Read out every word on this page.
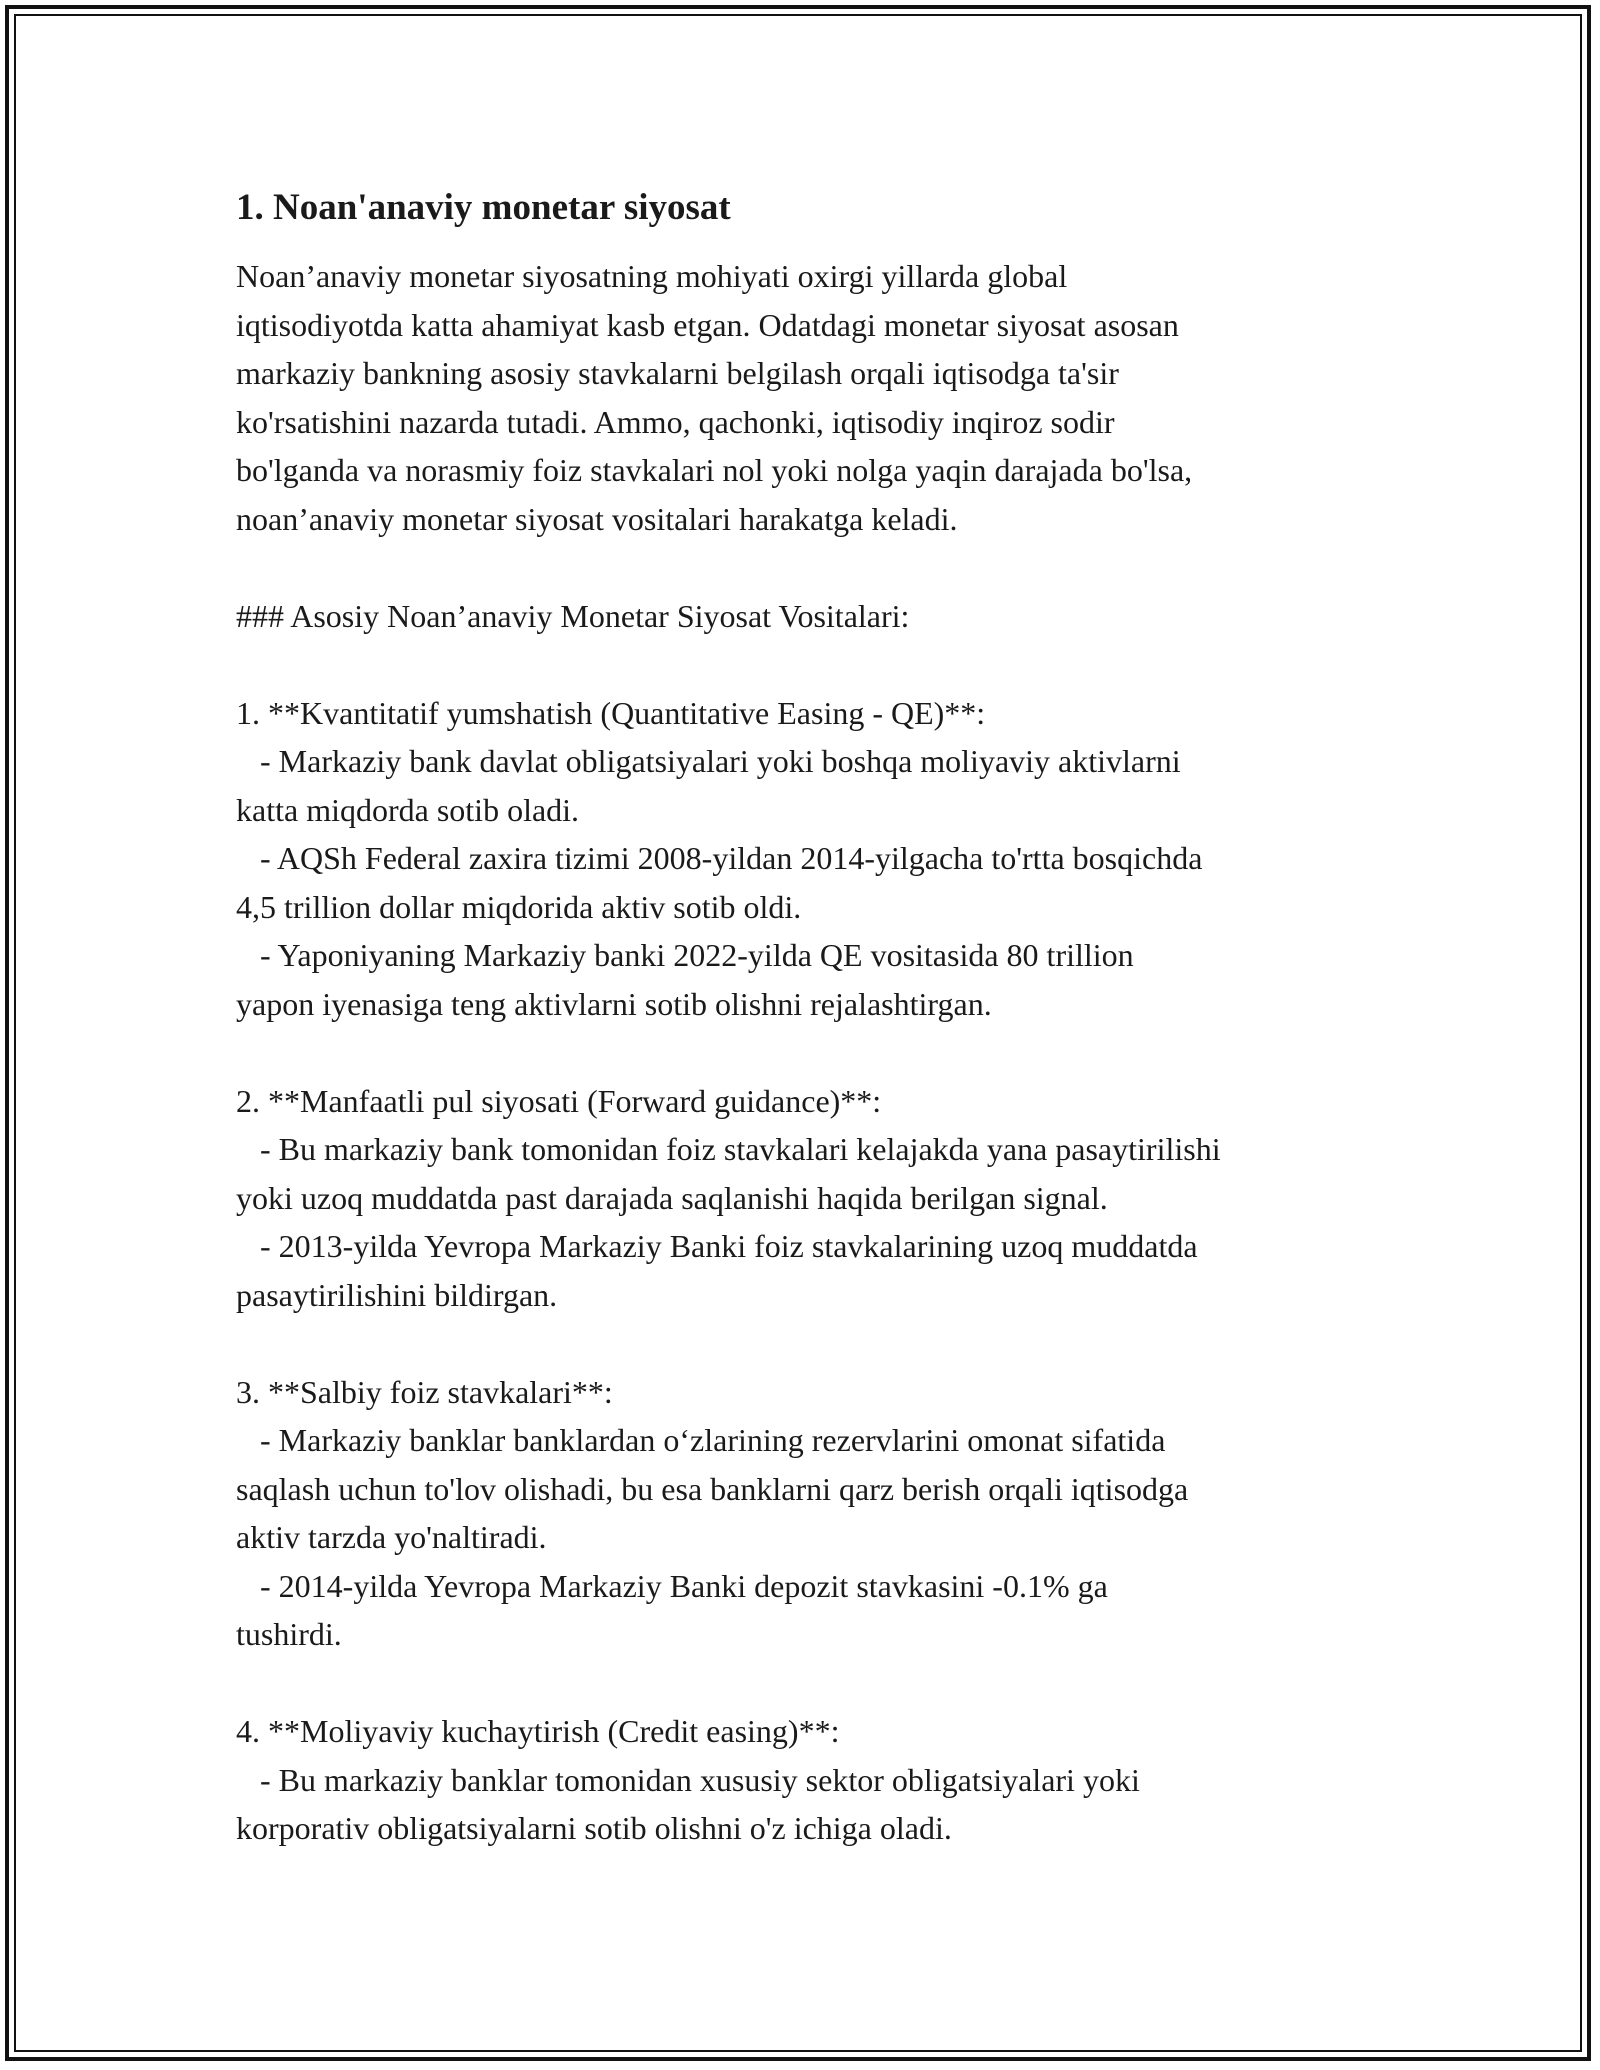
1. Noan'anaviy monetar siyosat

Noan’anaviy monetar siyosatning mohiyati oxirgi yillarda global
iqtisodiyotda katta ahamiyat kasb etgan. Odatdagi monetar siyosat asosan
markaziy bankning asosiy stavkalarni belgilash orqali iqtisodga ta'sir
ko'rsatishini nazarda tutadi. Ammo, qachonki, iqtisodiy inqiroz sodir
bo'lganda va norasmiy foiz stavkalari nol yoki nolga yaqin darajada bo'lsa,
noan’anaviy monetar siyosat vositalari harakatga keladi.

### Asosiy Noan’anaviy Monetar Siyosat Vositalari:

1. **Kvantitatif yumshatish (Quantitative Easing - QE)**:
- Markaziy bank davlat obligatsiyalari yoki boshqa moliyaviy aktivlarni
katta miqdorda sotib oladi.
- AQSh Federal zaxira tizimi 2008-yildan 2014-yilgacha to'rtta bosqichda
4,5 trillion dollar miqdorida aktiv sotib oldi.
- Yaponiyaning Markaziy banki 2022-yilda QE vositasida 80 trillion
yapon iyenasiga teng aktivlarni sotib olishni rejalashtirgan.

2. **Manfaatli pul siyosati (Forward guidance)**:
- Bu markaziy bank tomonidan foiz stavkalari kelajakda yana pasaytirilishi
yoki uzoq muddatda past darajada saqlanishi haqida berilgan signal.
- 2013-yilda Yevropa Markaziy Banki foiz stavkalarining uzoq muddatda
pasaytirilishini bildirgan.

3. **Salbiy foiz stavkalari**:
- Markaziy banklar banklardan o‘zlarining rezervlarini omonat sifatida
saqlash uchun to'lov olishadi, bu esa banklarni qarz berish orqali iqtisodga
aktiv tarzda yo'naltiradi.
- 2014-yilda Yevropa Markaziy Banki depozit stavkasini -0.1% ga
tushirdi.

4. **Moliyaviy kuchaytirish (Credit easing)**:
- Bu markaziy banklar tomonidan xususiy sektor obligatsiyalari yoki
korporativ obligatsiyalarni sotib olishni o'z ichiga oladi.
